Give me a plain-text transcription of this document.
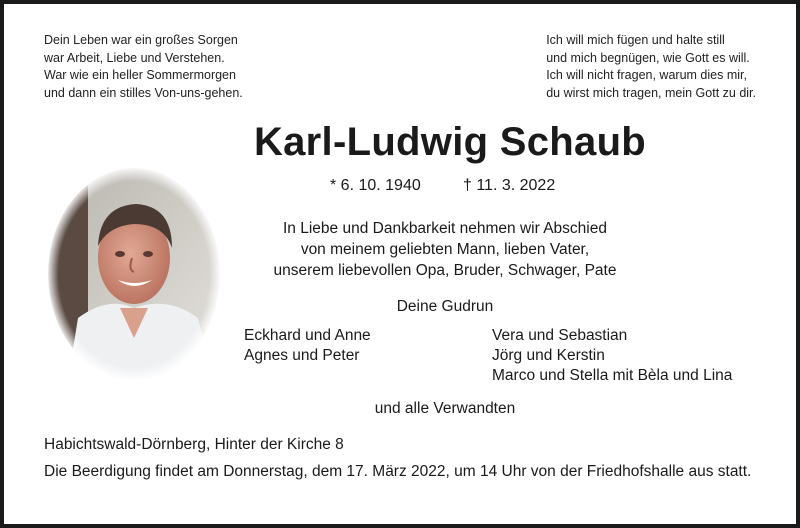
Dein Leben war ein großes Sorgen
war Arbeit, Liebe und Verstehen.
War wie ein heller Sommermorgen
und dann ein stilles Von-uns-gehen.
Ich will mich fügen und halte still
und mich begnügen, wie Gott es will.
Ich will nicht fragen, warum dies mir,
du wirst mich tragen, mein Gott zu dir.
Karl-Ludwig Schaub
* 6. 10. 1940	† 11. 3. 2022
In Liebe und Dankbarkeit nehmen wir Abschied
von meinem geliebten Mann, lieben Vater,
unserem liebevollen Opa, Bruder, Schwager, Pate
Deine Gudrun
Eckhard und Anne
Agnes und Peter
Vera und Sebastian
Jörg und Kerstin
Marco und Stella mit Bèla und Lina
und alle Verwandten
Habichtswald-Dörnberg, Hinter der Kirche 8
Die Beerdigung findet am Donnerstag, dem 17. März 2022, um 14 Uhr von der Friedhofshalle aus statt.
